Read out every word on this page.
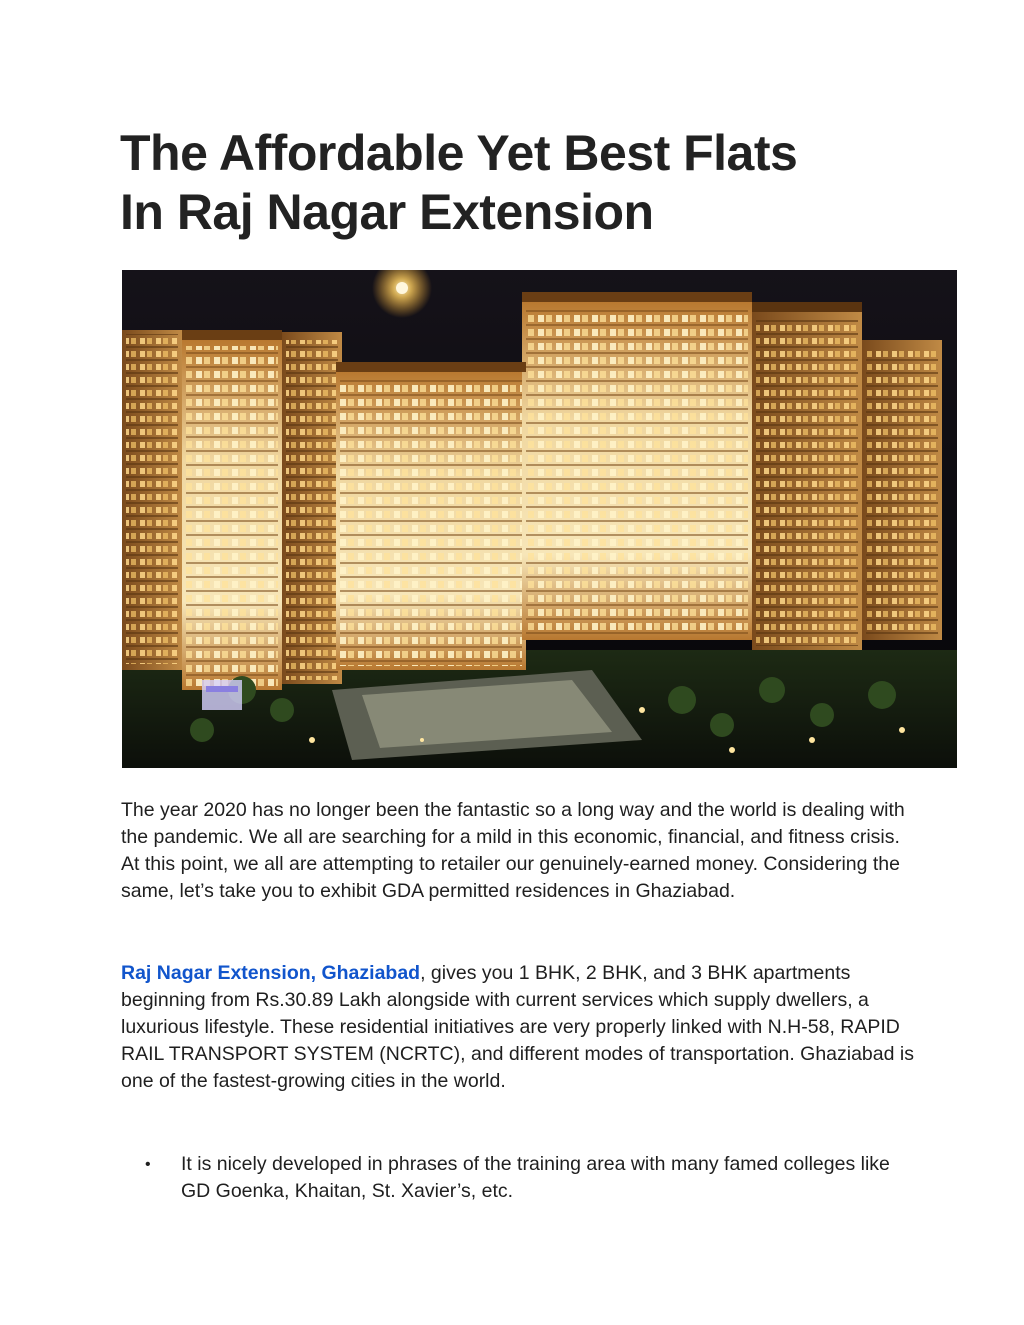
The Affordable Yet Best Flats
In Raj Nagar Extension

The year 2020 has no longer been the fantastic so a long way and the world is dealing with the pandemic. We all are searching for a mild in this economic, financial, and fitness crisis. At this point, we all are attempting to retailer our genuinely-earned money. Considering the same, let’s take you to exhibit GDA permitted residences in Ghaziabad.

Raj Nagar Extension, Ghaziabad, gives you 1 BHK, 2 BHK, and 3 BHK apartments beginning from Rs.30.89 Lakh alongside with current services which supply dwellers, a luxurious lifestyle. These residential initiatives are very properly linked with N.H-58, RAPID RAIL TRANSPORT SYSTEM (NCRTC), and different modes of transportation. Ghaziabad is one of the fastest-growing cities in the world.

• It is nicely developed in phrases of the training area with many famed colleges like GD Goenka, Khaitan, St. Xavier’s, etc.
